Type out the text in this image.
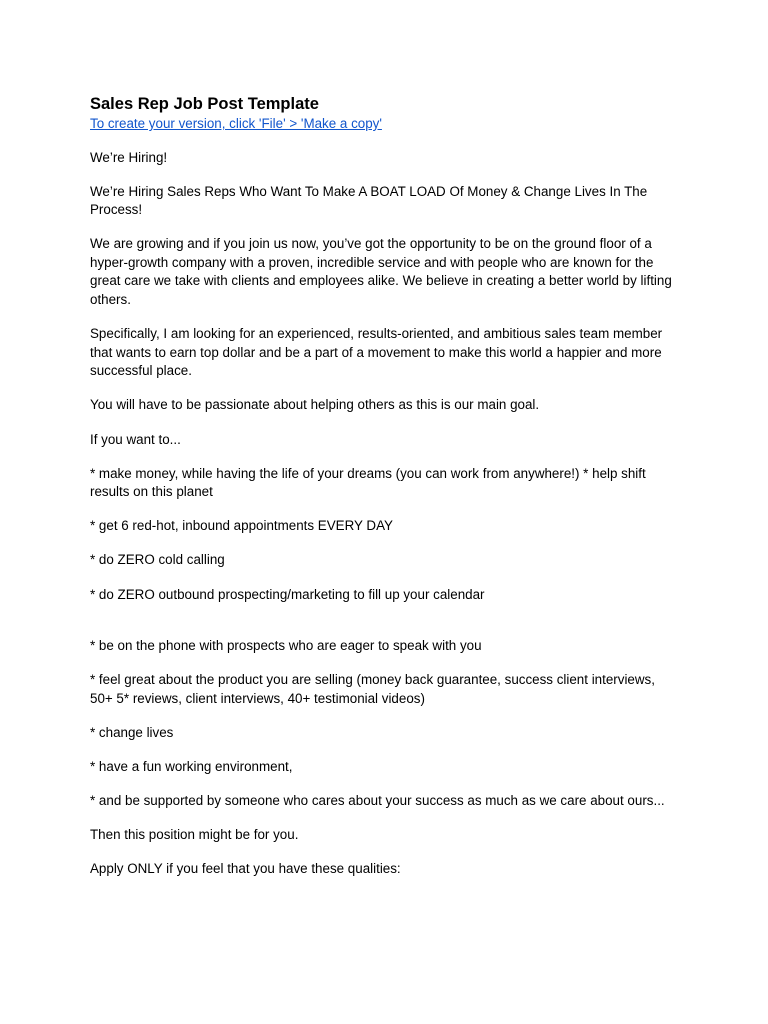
Sales Rep Job Post Template
To create your version, click 'File' > 'Make a copy'

We’re Hiring!

We’re Hiring Sales Reps Who Want To Make A BOAT LOAD Of Money & Change Lives In The Process!

We are growing and if you join us now, you’ve got the opportunity to be on the ground floor of a hyper-growth company with a proven, incredible service and with people who are known for the great care we take with clients and employees alike. We believe in creating a better world by lifting others.

Specifically, I am looking for an experienced, results-oriented, and ambitious sales team member that wants to earn top dollar and be a part of a movement to make this world a happier and more successful place.

You will have to be passionate about helping others as this is our main goal.

If you want to...

* make money, while having the life of your dreams (you can work from anywhere!) * help shift results on this planet

* get 6 red-hot, inbound appointments EVERY DAY

* do ZERO cold calling

* do ZERO outbound prospecting/marketing to fill up your calendar

* be on the phone with prospects who are eager to speak with you

* feel great about the product you are selling (money back guarantee, success client interviews, 50+ 5* reviews, client interviews, 40+ testimonial videos)

* change lives

* have a fun working environment,

* and be supported by someone who cares about your success as much as we care about ours...

Then this position might be for you.

Apply ONLY if you feel that you have these qualities:
